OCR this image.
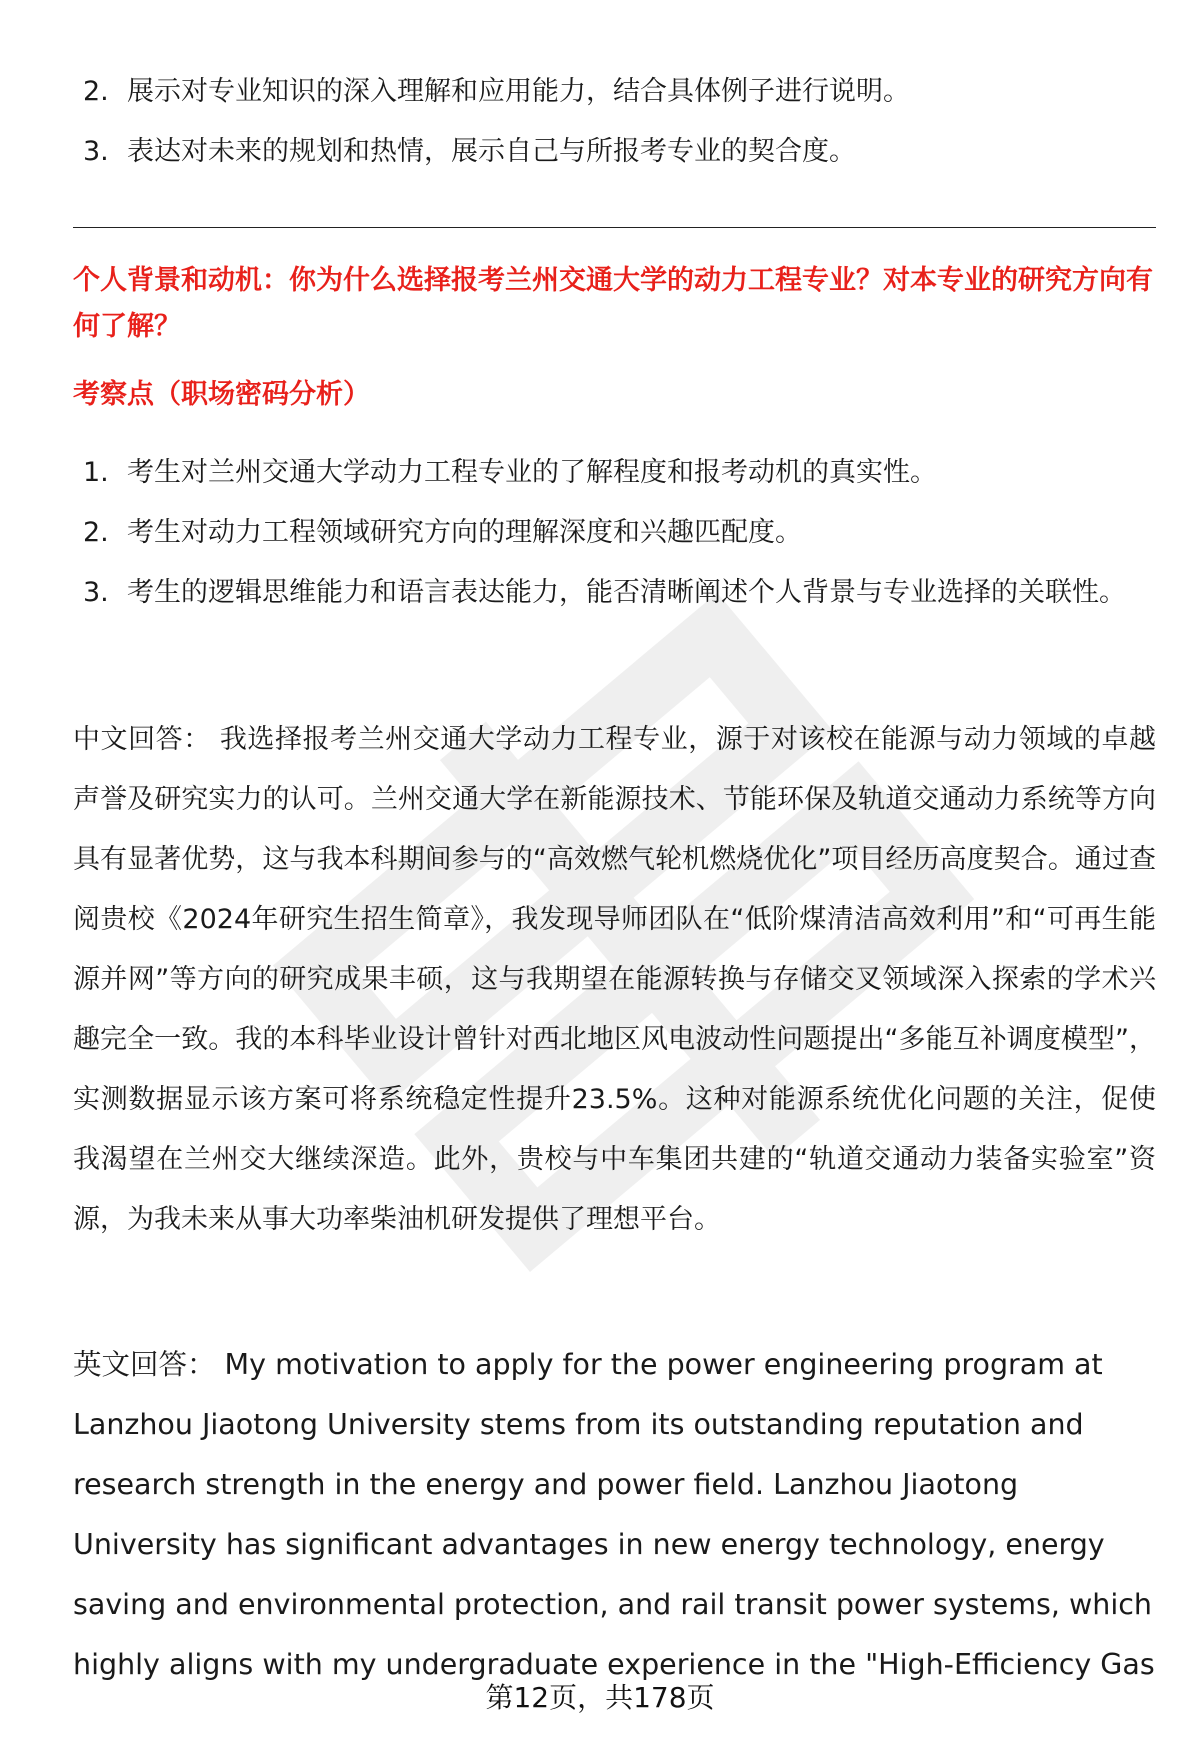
2. 展示对专业知识的深入理解和应用能力，结合具体例子进行说明。
3. 表达对未来的规划和热情，展示自己与所报考专业的契合度。
个人背景和动机：你为什么选择报考兰州交通大学的动力工程专业？对本专业的研究方向有何了解？
考察点（职场密码分析）
1. 考生对兰州交通大学动力工程专业的了解程度和报考动机的真实性。
2. 考生对动力工程领域研究方向的理解深度和兴趣匹配度。
3. 考生的逻辑思维能力和语言表达能力，能否清晰阐述个人背景与专业选择的关联性。

中文回答： 我选择报考兰州交通大学动力工程专业，源于对该校在能源与动力领域的卓越声誉及研究实力的认可。兰州交通大学在新能源技术、节能环保及轨道交通动力系统等方向具有显著优势，这与我本科期间参与的“高效燃气轮机燃烧优化”项目经历高度契合。通过查阅贵校《2024年研究生招生简章》，我发现导师团队在“低阶煤清洁高效利用”和“可再生能源并网”等方向的研究成果丰硕，这与我期望在能源转换与存储交叉领域深入探索的学术兴趣完全一致。我的本科毕业设计曾针对西北地区风电波动性问题提出“多能互补调度模型”，实测数据显示该方案可将系统稳定性提升23.5%。这种对能源系统优化问题的关注，促使我渴望在兰州交大继续深造。此外，贵校与中车集团共建的“轨道交通动力装备实验室”资源，为我未来从事大功率柴油机研发提供了理想平台。

英文回答： My motivation to apply for the power engineering program at Lanzhou Jiaotong University stems from its outstanding reputation and research strength in the energy and power field. Lanzhou Jiaotong University has significant advantages in new energy technology, energy saving and environmental protection, and rail transit power systems, which highly aligns with my undergraduate experience in the "High-Efficiency Gas

第12页，共178页
